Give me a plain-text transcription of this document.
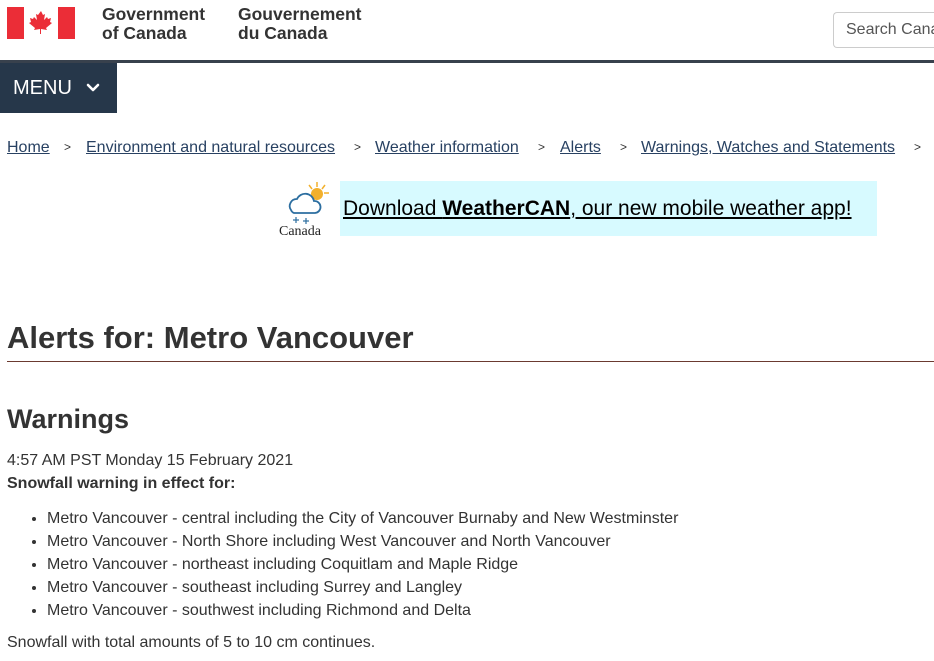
Government
of Canada
Gouvernement
du Canada
Search Canada.ca
MENU
Home > Environment and natural resources > Weather information > Alerts > Warnings, Watches and Statements >
Canada
Download WeatherCAN, our new mobile weather app!
Alerts for: Metro Vancouver
Warnings
4:57 AM PST Monday 15 February 2021
Snowfall warning in effect for:
• Metro Vancouver - central including the City of Vancouver Burnaby and New Westminster
• Metro Vancouver - North Shore including West Vancouver and North Vancouver
• Metro Vancouver - northeast including Coquitlam and Maple Ridge
• Metro Vancouver - southeast including Surrey and Langley
• Metro Vancouver - southwest including Richmond and Delta
Snowfall with total amounts of 5 to 10 cm continues.
